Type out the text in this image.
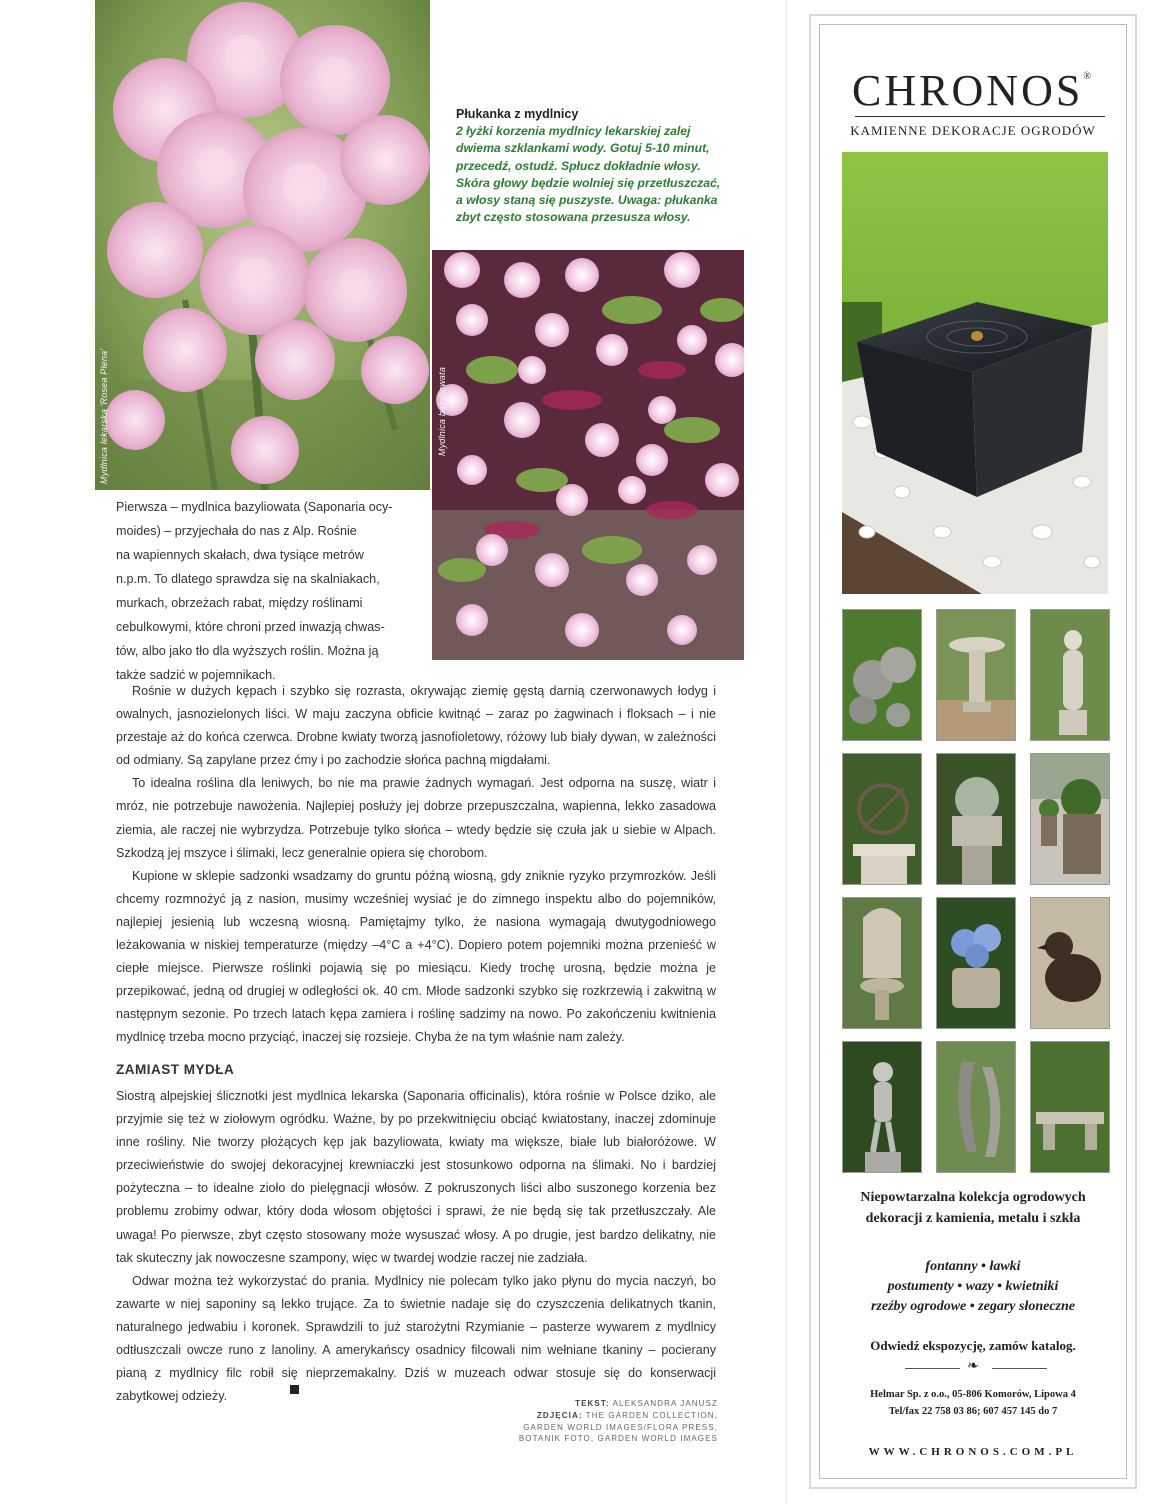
Mydlnica lekarska 'Rosea Plena'	Mydlnica bazyliowata
Płukanka z mydlnicy
2 łyżki korzenia mydlnicy lekarskiej zalej
dwiema szklankami wody. Gotuj 5-10 minut,
przecedź, ostudź. Spłucz dokładnie włosy.
Skóra głowy będzie wolniej się przetłuszczać,
a włosy staną się puszyste. Uwaga: płukanka
zbyt często stosowana przesusza włosy.
Pierwsza – mydlnica bazyliowata (Saponaria ocy-
moides) – przyjechała do nas z Alp. Rośnie
na wapiennych skałach, dwa tysiące metrów
n.p.m. To dlatego sprawdza się na skalniakach,
murkach, obrzeżach rabat, między roślinami
cebulkowymi, które chroni przed inwazją chwas-
tów, albo jako tło dla wyższych roślin. Można ją
także sadzić w pojemnikach.

Rośnie w dużych kępach i szybko się rozrasta, okrywając ziemię gęstą darnią czerwonawych łodyg i owalnych, jasnozielonych liści. W maju zaczyna obficie kwitnąć – zaraz po żagwinach i floksach – i nie przestaje aż do końca czerwca. Drobne kwiaty tworzą jasnofioletowy, różowy lub biały dywan, w zależności od odmiany. Są zapylane przez ćmy i po zachodzie słońca pachną migdałami.

To idealna roślina dla leniwych, bo nie ma prawie żadnych wymagań. Jest odporna na suszę, wiatr i mróz, nie potrzebuje nawożenia. Najlepiej posłuży jej dobrze przepuszczalna, wapienna, lekko zasadowa ziemia, ale raczej nie wybrzydza. Potrzebuje tylko słońca – wtedy będzie się czuła jak u siebie w Alpach. Szkodzą jej mszyce i ślimaki, lecz generalnie opiera się chorobom.

Kupione w sklepie sadzonki wsadzamy do gruntu późną wiosną, gdy zniknie ryzyko przymrozków. Jeśli chcemy rozmnożyć ją z nasion, musimy wcześniej wysiać je do zimnego inspektu albo do pojemników, najlepiej jesienią lub wczesną wiosną. Pamiętajmy tylko, że nasiona wymagają dwutygodniowego leżakowania w niskiej temperaturze (między –4°C a +4°C). Dopiero potem pojemniki można przenieść w ciepłe miejsce. Pierwsze roślinki pojawią się po miesiącu. Kiedy trochę urosną, będzie można je przepikować, jedną od drugiej w odległości ok. 40 cm. Młode sadzonki szybko się rozkrzewią i zakwitną w następnym sezonie. Po trzech latach kępa zamiera i roślinę sadzimy na nowo. Po zakończeniu kwitnienia mydlnicę trzeba mocno przyciąć, inaczej się rozsieje. Chyba że na tym właśnie nam zależy.

ZAMIAST MYDŁA

Siostrą alpejskiej ślicznotki jest mydlnica lekarska (Saponaria officinalis), która rośnie w Polsce dziko, ale przyjmie się też w ziołowym ogródku. Ważne, by po przekwitnięciu obciąć kwiatostany, inaczej zdominuje inne rośliny. Nie tworzy płożących kęp jak bazyliowata, kwiaty ma większe, białe lub białoróżowe. W przeciwieństwie do swojej dekoracyjnej krewniaczki jest stosunkowo odporna na ślimaki. No i bardziej pożyteczna – to idealne zioło do pielęgnacji włosów. Z pokruszonych liści albo suszonego korzenia bez problemu zrobimy odwar, który doda włosom objętości i sprawi, że nie będą się tak przetłuszczały. Ale uwaga! Po pierwsze, zbyt często stosowany może wysuszać włosy. A po drugie, jest bardzo delikatny, nie tak skuteczny jak nowoczesne szampony, więc w twardej wodzie raczej nie zadziała.

Odwar można też wykorzystać do prania. Mydlnicy nie polecam tylko jako płynu do mycia naczyń, bo zawarte w niej saponiny są lekko trujące. Za to świetnie nadaje się do czyszczenia delikatnych tkanin, naturalnego jedwabiu i koronek. Sprawdzili to już starożytni Rzymianie – pasterze wywarem z mydlnicy odtłuszczali owcze runo z lanoliny. A amerykańscy osadnicy filcowali nim wełniane tkaniny – pocierany pianą z mydlnicy filc robił się nieprzemakalny. Dziś w muzeach odwar stosuje się do konserwacji zabytkowej odzieży.

TEKST: ALEKSANDRA JANUSZ
ZDJĘCIA: THE GARDEN COLLECTION,
GARDEN WORLD IMAGES/FLORA PRESS,
BOTANIK FOTO, GARDEN WORLD IMAGES
CHRONOS®
KAMIENNE DEKORACJE OGRODÓW
Niepowtarzalna kolekcja ogrodowych
dekoracji z kamienia, metalu i szkła
fontanny • ławki
postumenty • wazy • kwietniki
rzeźby ogrodowe • zegary słoneczne
Odwiedź ekspozycję, zamów katalog.
❧
Helmar Sp. z o.o., 05-806 Komorów, Lipowa 4
Tel/fax 22 758 03 86; 607 457 145 do 7
WWW.CHRONOS.COM.PL
